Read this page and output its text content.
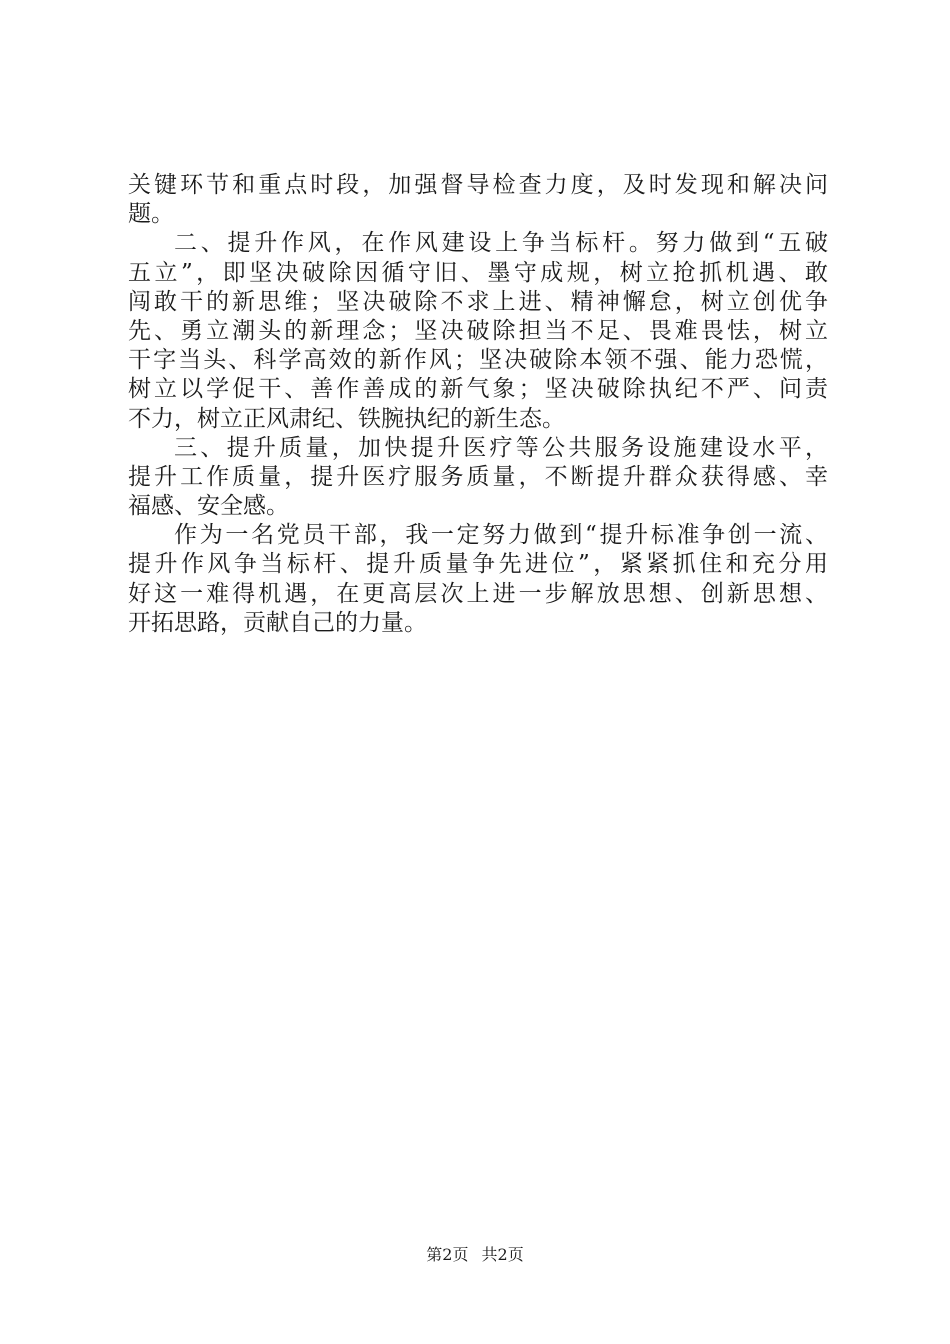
关键环节和重点时段，加强督导检查力度，及时发现和解决问
题。
二、提升作风，在作风建设上争当标杆。努力做到“五破
五立”，即坚决破除因循守旧、墨守成规，树立抢抓机遇、敢
闯敢干的新思维；坚决破除不求上进、精神懈怠，树立创优争
先、勇立潮头的新理念；坚决破除担当不足、畏难畏怯，树立
干字当头、科学高效的新作风；坚决破除本领不强、能力恐慌，
树立以学促干、善作善成的新气象；坚决破除执纪不严、问责
不力，树立正风肃纪、铁腕执纪的新生态。
三、提升质量，加快提升医疗等公共服务设施建设水平，
提升工作质量，提升医疗服务质量，不断提升群众获得感、幸
福感、安全感。
作为一名党员干部，我一定努力做到“提升标准争创一流、
提升作风争当标杆、提升质量争先进位”，紧紧抓住和充分用
好这一难得机遇，在更高层次上进一步解放思想、创新思想、
开拓思路，贡献自己的力量。
第2页 共2页
